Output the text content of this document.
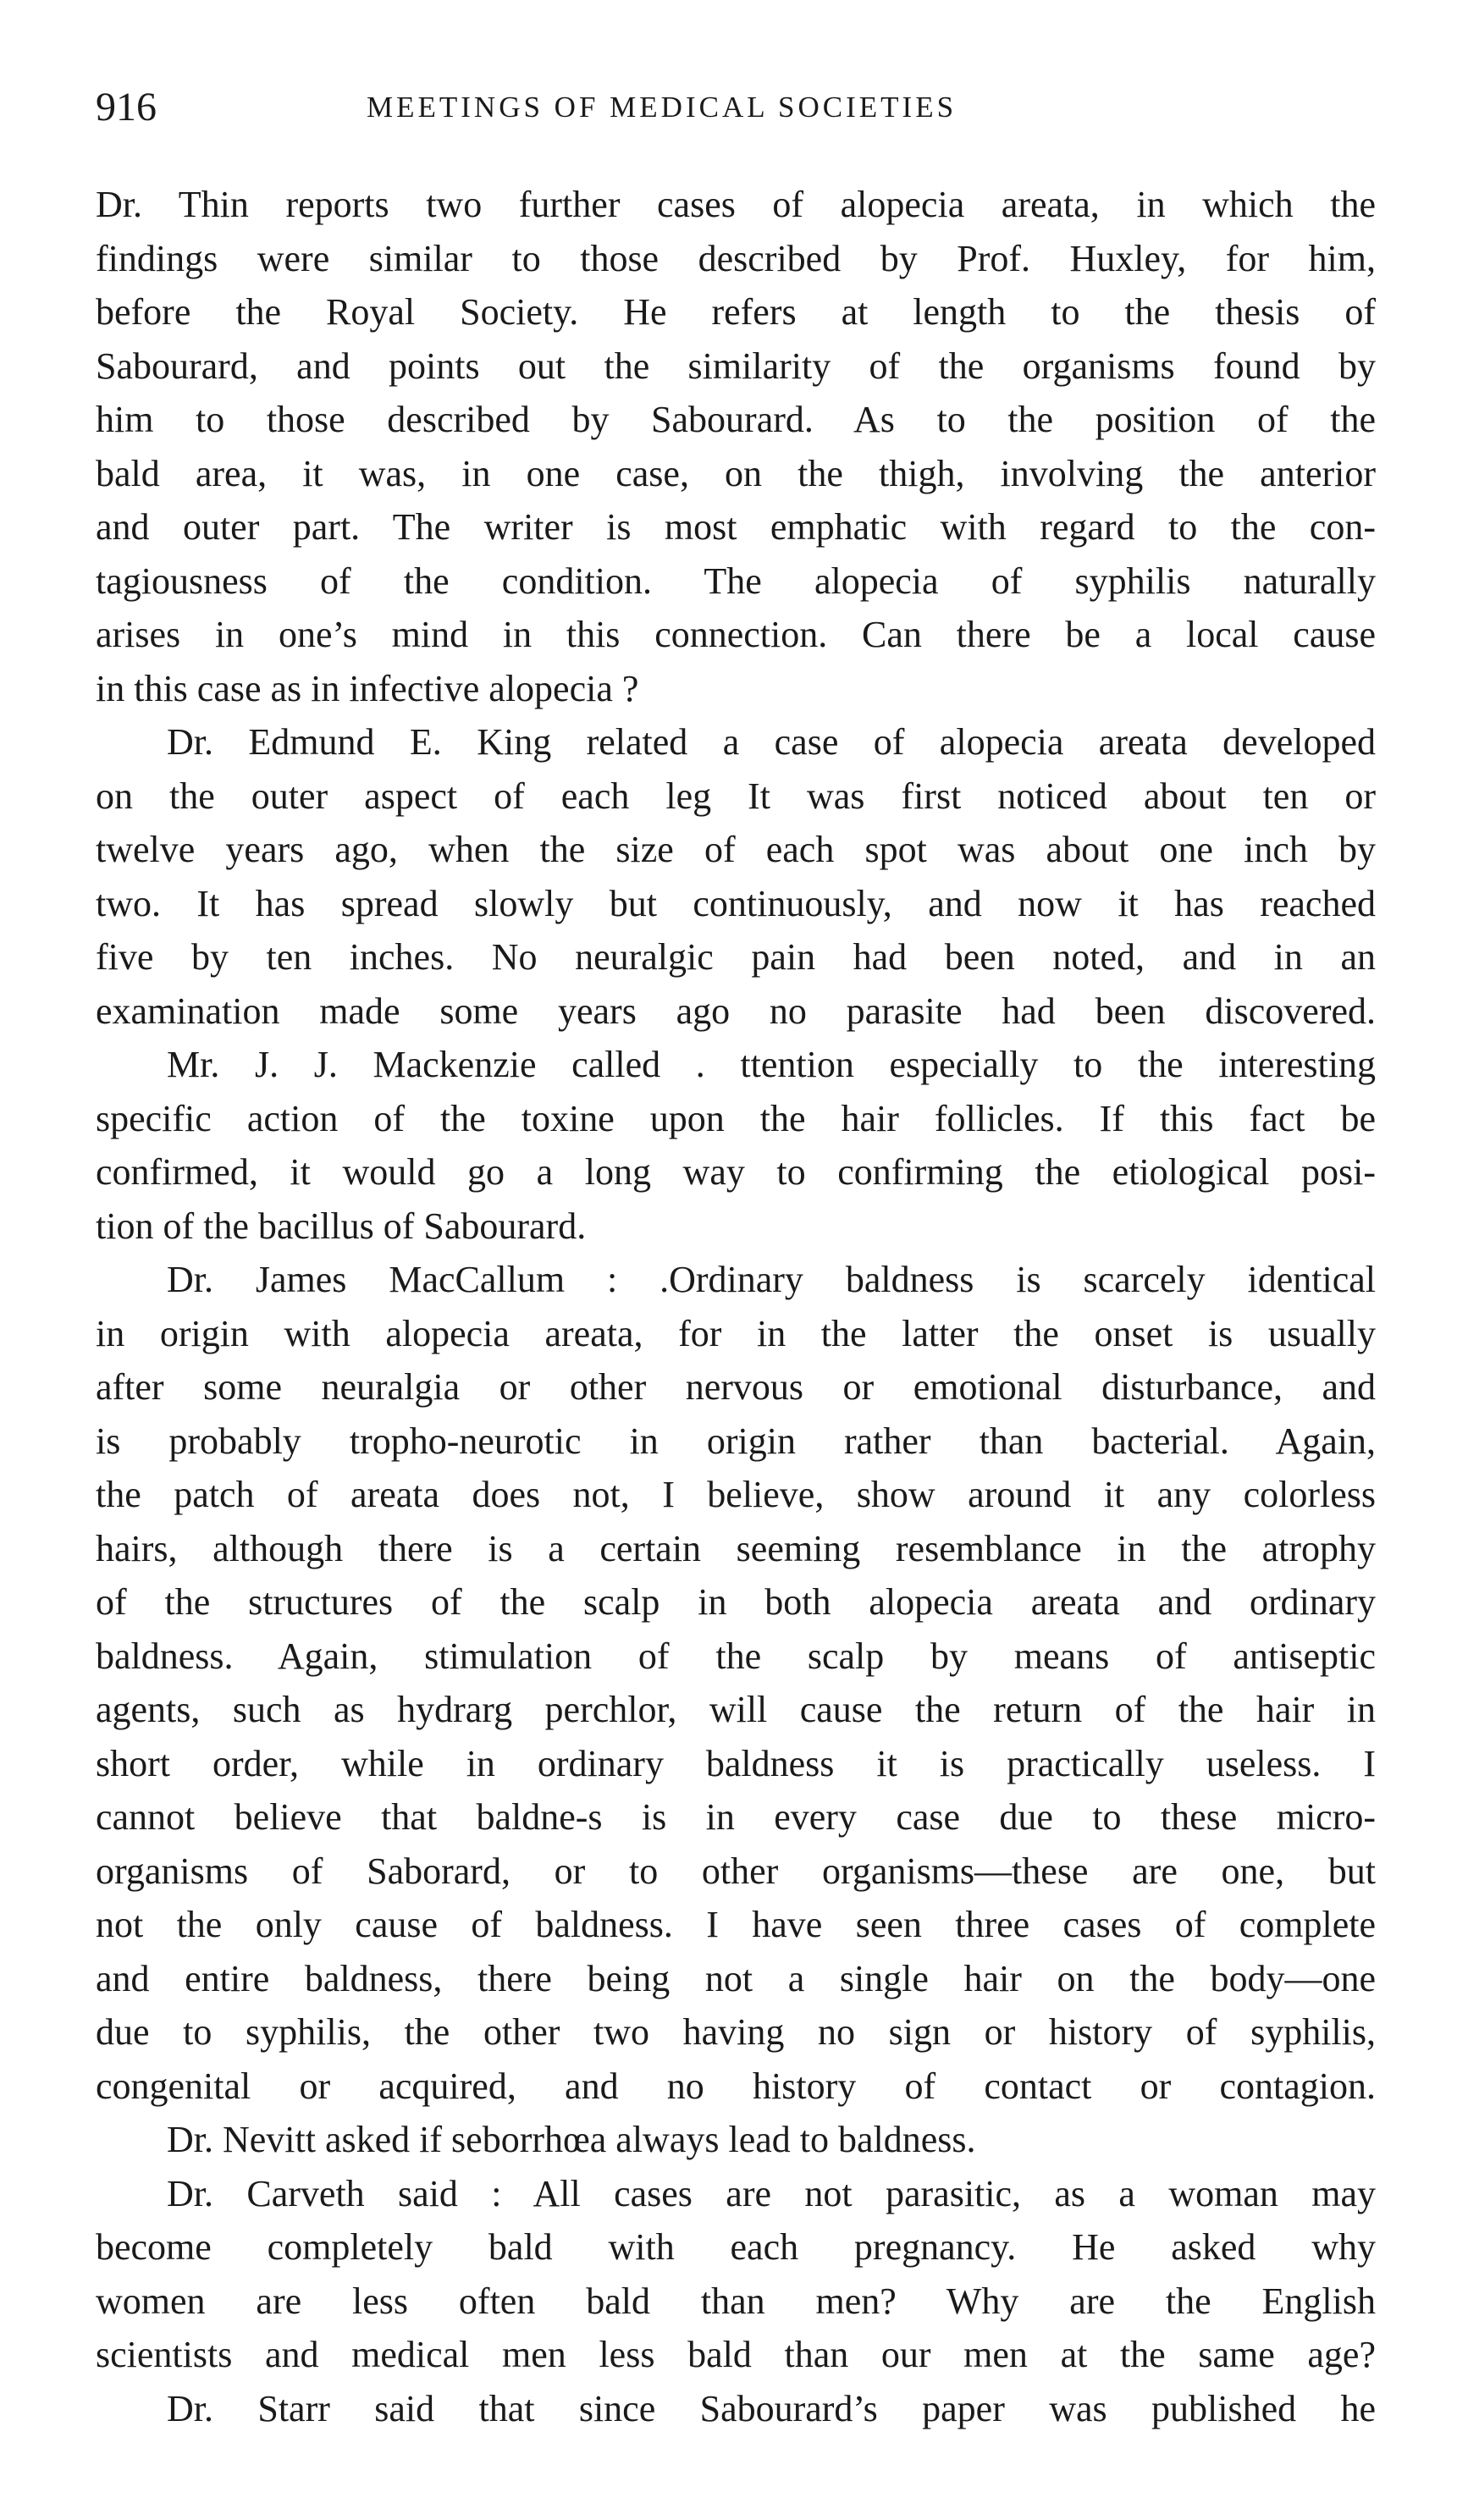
916	MEETINGS OF MEDICAL SOCIETIES

Dr. Thin reports two further cases of alopecia areata, in which the
findings were similar to those described by Prof. Huxley, for him,
before the Royal Society. He refers at length to the thesis of
Sabourard, and points out the similarity of the organisms found by
him to those described by Sabourard. As to the position of the
bald area, it was, in one case, on the thigh, involving the anterior
and outer part. The writer is most emphatic with regard to the con-
tagiousness of the condition. The alopecia of syphilis naturally
arises in one’s mind in this connection. Can there be a local cause
in this case as in infective alopecia ?

Dr. Edmund E. King related a case of alopecia areata developed
on the outer aspect of each leg It was first noticed about ten or
twelve years ago, when the size of each spot was about one inch by
two. It has spread slowly but continuously, and now it has reached
five by ten inches. No neuralgic pain had been noted, and in an
examination made some years ago no parasite had been discovered.

Mr. J. J. Mackenzie called . ttention especially to the interesting
specific action of the toxine upon the hair follicles. If this fact be
confirmed, it would go a long way to confirming the etiological posi-
tion of the bacillus of Sabourard.

Dr. James MacCallum : .Ordinary baldness is scarcely identical
in origin with alopecia areata, for in the latter the onset is usually
after some neuralgia or other nervous or emotional disturbance, and
is probably tropho-neurotic in origin rather than bacterial. Again,
the patch of areata does not, I believe, show around it any colorless
hairs, although there is a certain seeming resemblance in the atrophy
of the structures of the scalp in both alopecia areata and ordinary
baldness. Again, stimulation of the scalp by means of antiseptic
agents, such as hydrarg perchlor, will cause the return of the hair in
short order, while in ordinary baldness it is practically useless. I
cannot believe that baldne-s is in every case due to these micro-
organisms of Saborard, or to other organisms—these are one, but
not the only cause of baldness. I have seen three cases of complete
and entire baldness, there being not a single hair on the body—one
due to syphilis, the other two having no sign or history of syphilis,
congenital or acquired, and no history of contact or contagion.

Dr. Nevitt asked if seborrhœa always lead to baldness.

Dr. Carveth said : All cases are not parasitic, as a woman may
become completely bald with each pregnancy. He asked why
women are less often bald than men? Why are the English
scientists and medical men less bald than our men at the same age?

Dr. Starr said that since Sabourard’s paper was published he
